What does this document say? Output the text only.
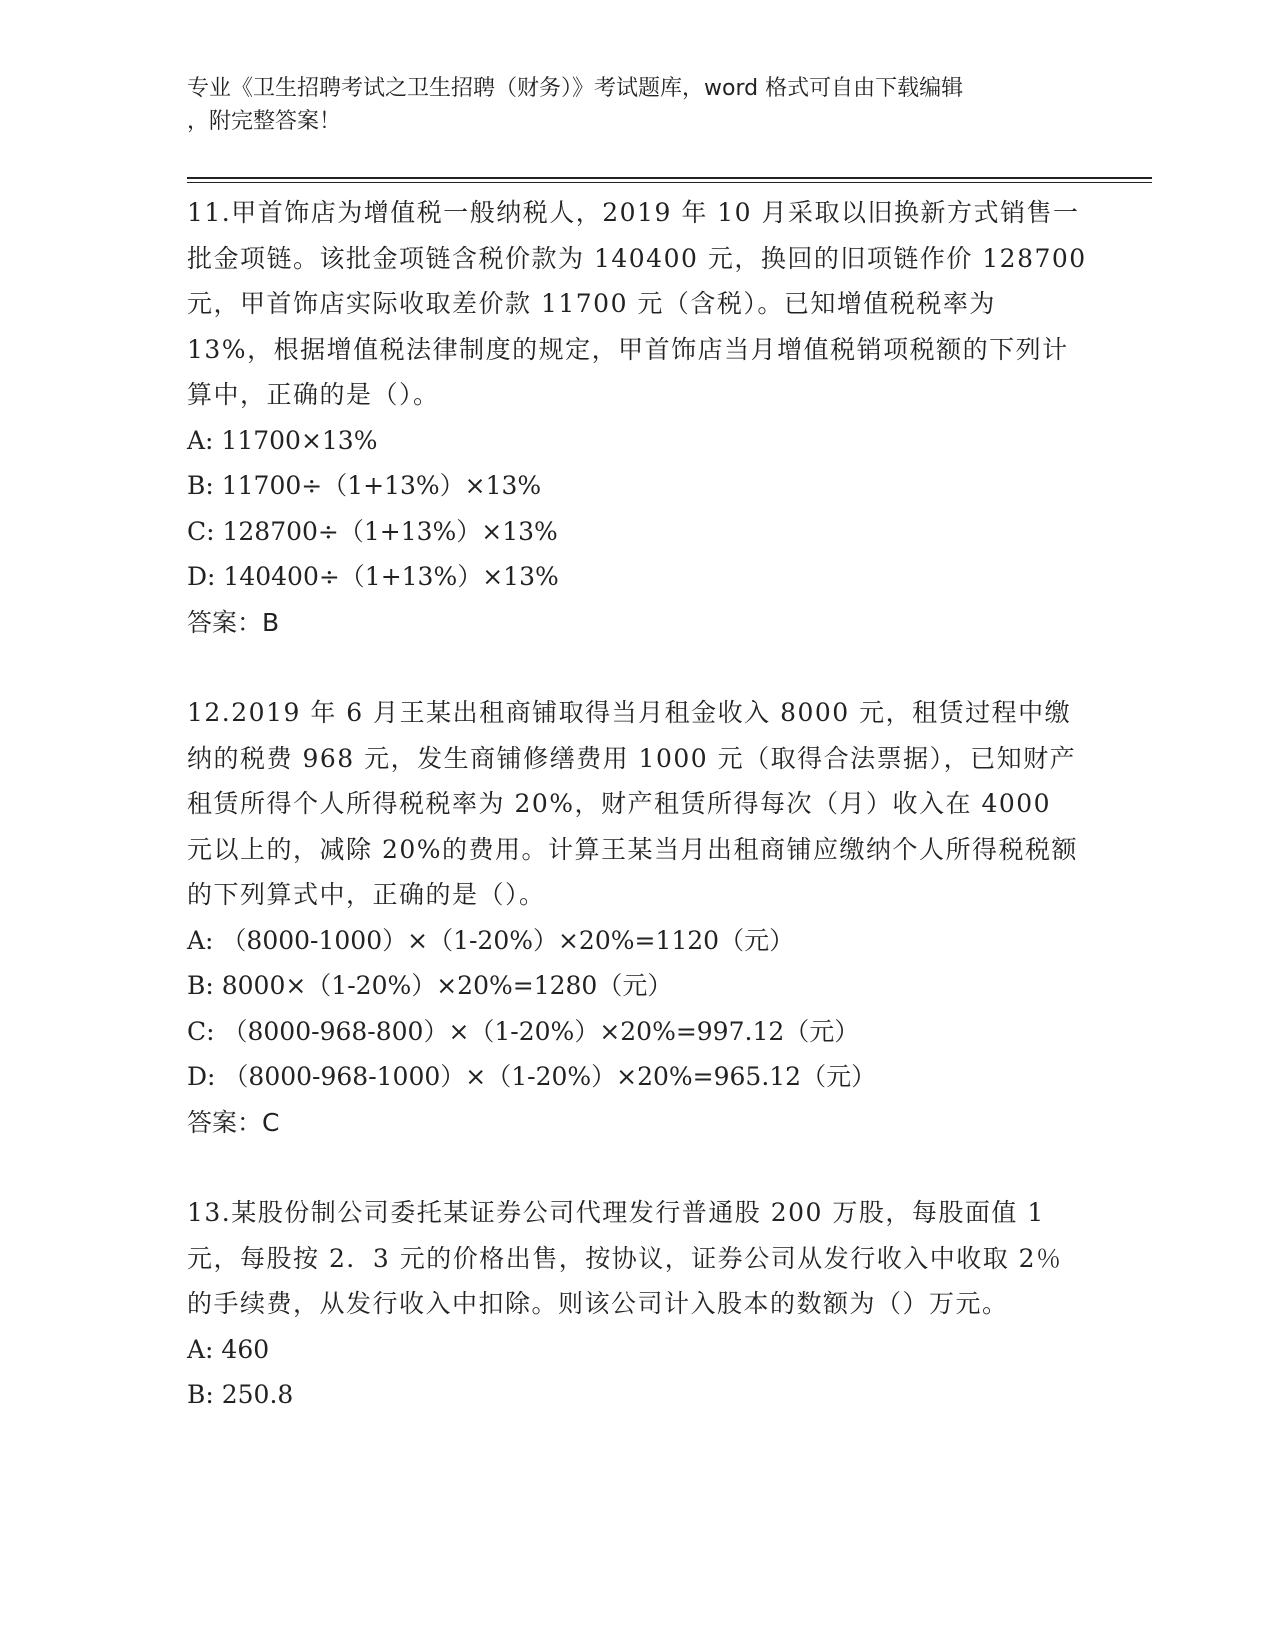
专业《卫生招聘考试之卫生招聘（财务）》考试题库，word 格式可自由下载编辑
，附完整答案！

11.甲首饰店为增值税一般纳税人，2019 年 10 月采取以旧换新方式销售一批金项链。该批金项链含税价款为 140400 元，换回的旧项链作价 128700 元，甲首饰店实际收取差价款 11700 元（含税）。已知增值税税率为 13%，根据增值税法律制度的规定，甲首饰店当月增值税销项税额的下列计算中，正确的是（）。

A: 11700×13%

B: 11700÷（1+13%）×13%

C: 128700÷（1+13%）×13%

D: 140400÷（1+13%）×13%

答案：B

12.2019 年 6 月王某出租商铺取得当月租金收入 8000 元，租赁过程中缴纳的税费 968 元，发生商铺修缮费用 1000 元（取得合法票据），已知财产租赁所得个人所得税税率为 20%，财产租赁所得每次（月）收入在 4000 元以上的，减除 20%的费用。计算王某当月出租商铺应缴纳个人所得税税额的下列算式中，正确的是（）。

A: （8000-1000）×（1-20%）×20%=1120（元）

B: 8000×（1-20%）×20%=1280（元）

C: （8000-968-800）×（1-20%）×20%=997.12（元）

D: （8000-968-1000）×（1-20%）×20%=965.12（元）

答案：C

13.某股份制公司委托某证券公司代理发行普通股 200 万股，每股面值 1 元，每股按 2．3 元的价格出售，按协议，证券公司从发行收入中收取 2％的手续费，从发行收入中扣除。则该公司计入股本的数额为（）万元。

A: 460

B: 250.8
